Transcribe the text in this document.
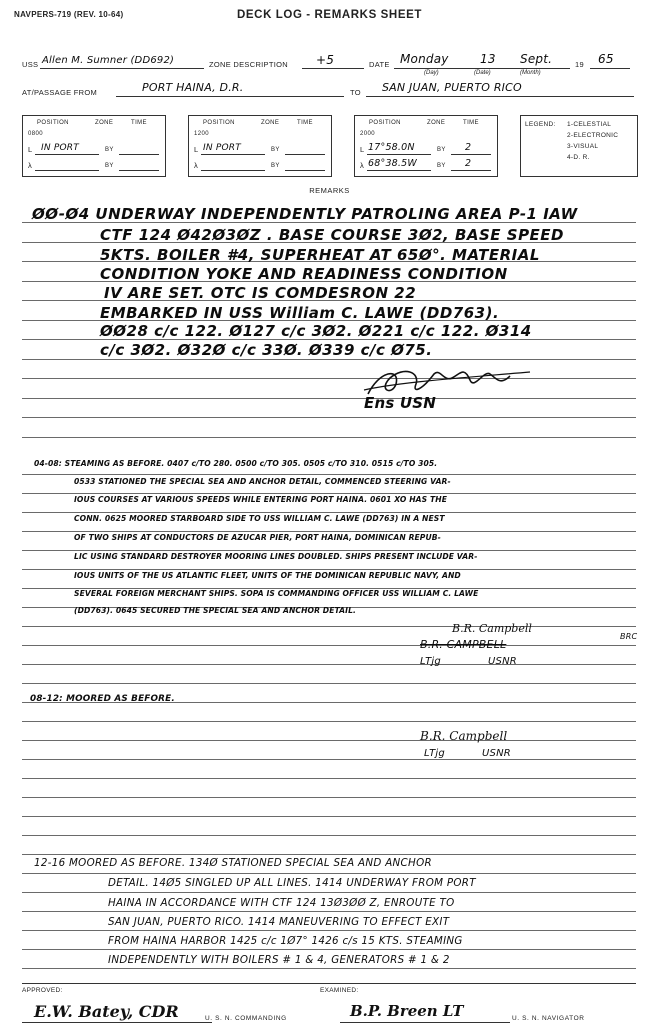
NAVPERS-719 (REV. 10-64)	DECK LOG - REMARKS SHEET
USS Allen M. Sumner (DD692)	ZONE DESCRIPTION +5	DATE Monday	13 Sept.
(Day)	(Date)	(Month)
19 65
AT/PASSAGE FROM	PORT HAINA, D.R.	TO SAN JUAN, PUERTO RICO
POSITION	ZONE	TIME
0800
L IN PORT	BY
λ	BY
POSITION	ZONE	TIME
1200
L IN PORT	BY
λ	BY
POSITION	ZONE	TIME
2000
L 17°58.0N	BY 2
λ 68°38.5W	BY 2
LEGEND: 1-CELESTIAL
2-ELECTRONIC
3-VISUAL
4-D. R.
REMARKS
ØØ-Ø4 UNDERWAY INDEPENDENTLY PATROLING AREA P-1 IAW
CTF 124 Ø42Ø3ØZ . BASE COURSE 3Ø2, BASE SPEED
5KTS. BOILER #4, SUPERHEAT AT 65Ø°. MATERIAL
CONDITION YOKE AND READINESS CONDITION
IV ARE SET. OTC IS COMDESRON 22
EMBARKED IN USS William C. LAWE (DD763).
ØØ28 c/c 122. Ø127 c/c 3Ø2. Ø221 c/c 122. Ø314
c/c 3Ø2. Ø32Ø c/c 33Ø. Ø339 c/c Ø75.
Ens USN
04-08: STEAMING AS BEFORE. 0407 c/TO 280. 0500 c/TO 305. 0505 c/TO 310. 0515 c/TO 305.
0533 STATIONED THE SPECIAL SEA AND ANCHOR DETAIL, COMMENCED STEERING VAR-
IOUS COURSES AT VARIOUS SPEEDS WHILE ENTERING PORT HAINA. 0601 XO HAS THE
CONN. 0625 MOORED STARBOARD SIDE TO USS WILLIAM C. LAWE (DD763) IN A NEST
OF TWO SHIPS AT CONDUCTORS DE AZUCAR PIER, PORT HAINA, DOMINICAN REPUB-
LIC USING STANDARD DESTROYER MOORING LINES DOUBLED. SHIPS PRESENT INCLUDE VAR-
IOUS UNITS OF THE US ATLANTIC FLEET, UNITS OF THE DOMINICAN REPUBLIC NAVY, AND
SEVERAL FOREIGN MERCHANT SHIPS. SOPA IS COMMANDING OFFICER USS WILLIAM C. LAWE
(DD763). 0645 SECURED THE SPECIAL SEA AND ANCHOR DETAIL.
B.R. Campbell
B.R. CAMPBELL
BRC
LTjg	USNR
08-12: MOORED AS BEFORE.
B.R. Campbell
LTjg	USNR
12-16 MOORED AS BEFORE. 134Ø STATIONED SPECIAL SEA AND ANCHOR
DETAIL. 14Ø5 SINGLED UP ALL LINES. 1414 UNDERWAY FROM PORT
HAINA IN ACCORDANCE WITH CTF 124 13Ø3ØØ Z, ENROUTE TO
SAN JUAN, PUERTO RICO. 1414 MANEUVERING TO EFFECT EXIT
FROM HAINA HARBOR 1425 c/c 1Ø7° 1426 c/s 15 KTS. STEAMING
INDEPENDENTLY WITH BOILERS # 1 & 4, GENERATORS # 1 & 2
APPROVED:
E.W. Batey, CDR	U. S. N. COMMANDING
EXAMINED:
B.P. Breen LT	U. S. N. NAVIGATOR
